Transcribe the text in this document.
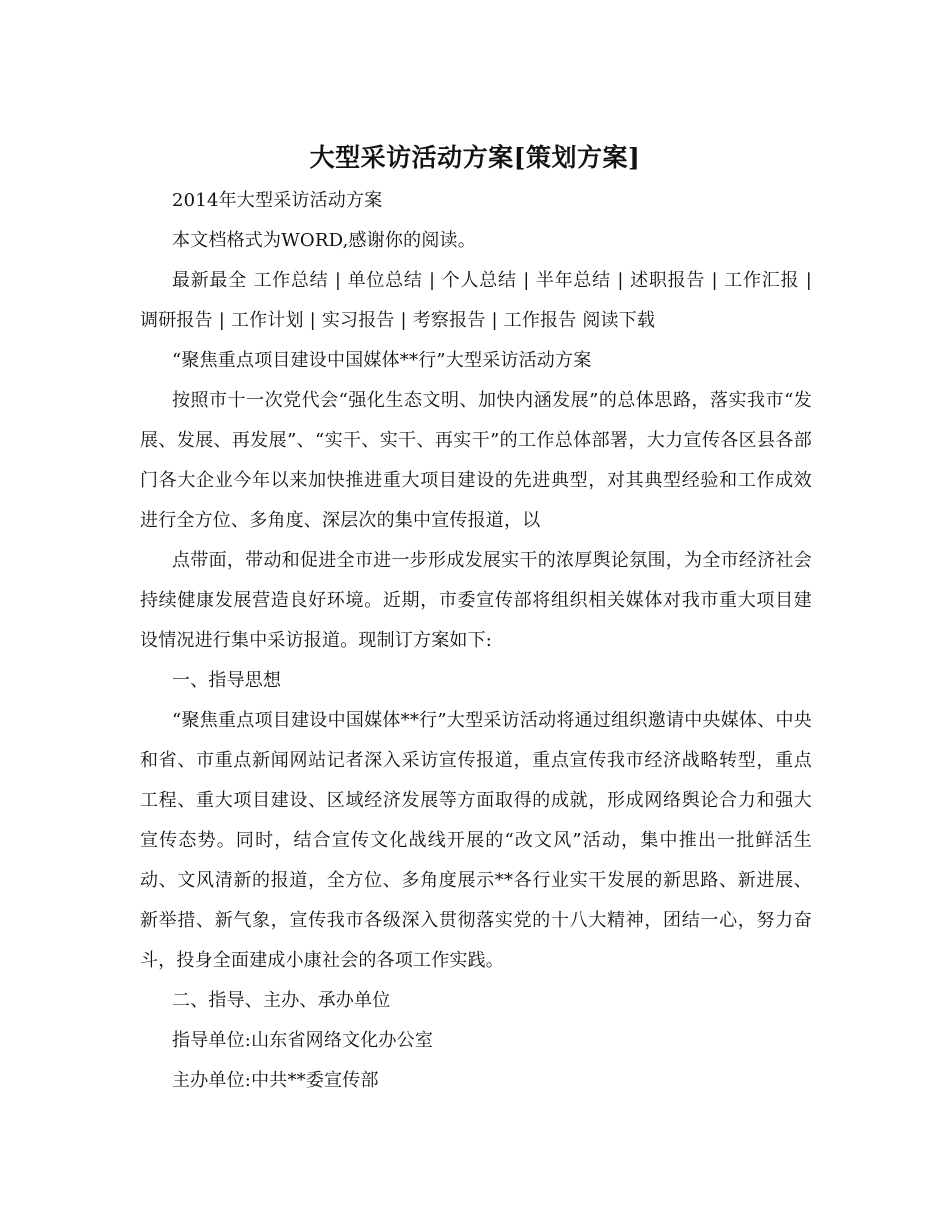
大型采访活动方案[策划方案]

2014年大型采访活动方案

本文档格式为WORD,感谢你的阅读。

最新最全 工作总结 | 单位总结 | 个人总结 | 半年总结 | 述职报告 | 工作汇报 | 调研报告 | 工作计划 | 实习报告 | 考察报告 | 工作报告 阅读下载

“聚焦重点项目建设中国媒体**行”大型采访活动方案

按照市十一次党代会“强化生态文明、加快内涵发展”的总体思路，落实我市“发展、发展、再发展”、“实干、实干、再实干”的工作总体部署，大力宣传各区县各部门各大企业今年以来加快推进重大项目建设的先进典型，对其典型经验和工作成效进行全方位、多角度、深层次的集中宣传报道，以

点带面，带动和促进全市进一步形成发展实干的浓厚舆论氛围，为全市经济社会持续健康发展营造良好环境。近期，市委宣传部将组织相关媒体对我市重大项目建设情况进行集中采访报道。现制订方案如下:

一、指导思想

“聚焦重点项目建设中国媒体**行”大型采访活动将通过组织邀请中央媒体、中央和省、市重点新闻网站记者深入采访宣传报道，重点宣传我市经济战略转型，重点工程、重大项目建设、区域经济发展等方面取得的成就，形成网络舆论合力和强大宣传态势。同时，结合宣传文化战线开展的“改文风”活动，集中推出一批鲜活生动、文风清新的报道，全方位、多角度展示**各行业实干发展的新思路、新进展、新举措、新气象，宣传我市各级深入贯彻落实党的十八大精神，团结一心，努力奋斗，投身全面建成小康社会的各项工作实践。

二、指导、主办、承办单位

指导单位:山东省网络文化办公室

主办单位:中共**委宣传部
